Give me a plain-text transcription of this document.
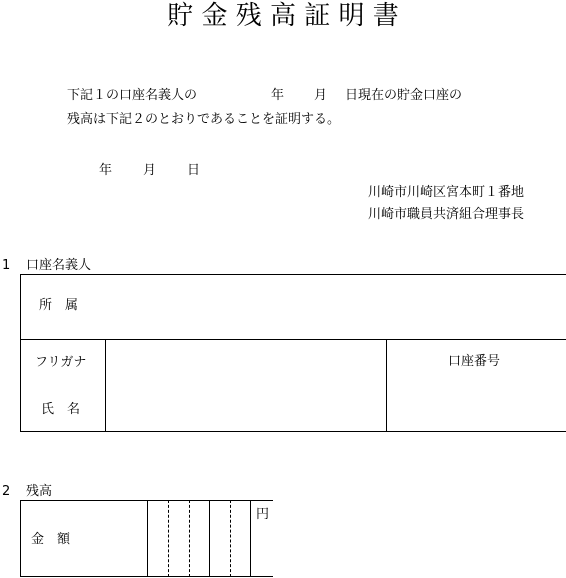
貯 金 残 高 証 明 書
下記１の口座名義人の	年 月 日現在の貯金口座の
残高は下記２のとおりであることを証明する。
年 月 日
川崎市川崎区宮本町１番地
川崎市職員共済組合理事長
1 口座名義人
所　属
フリガナ
氏　名
口座番号
2 残高
金　額
円
